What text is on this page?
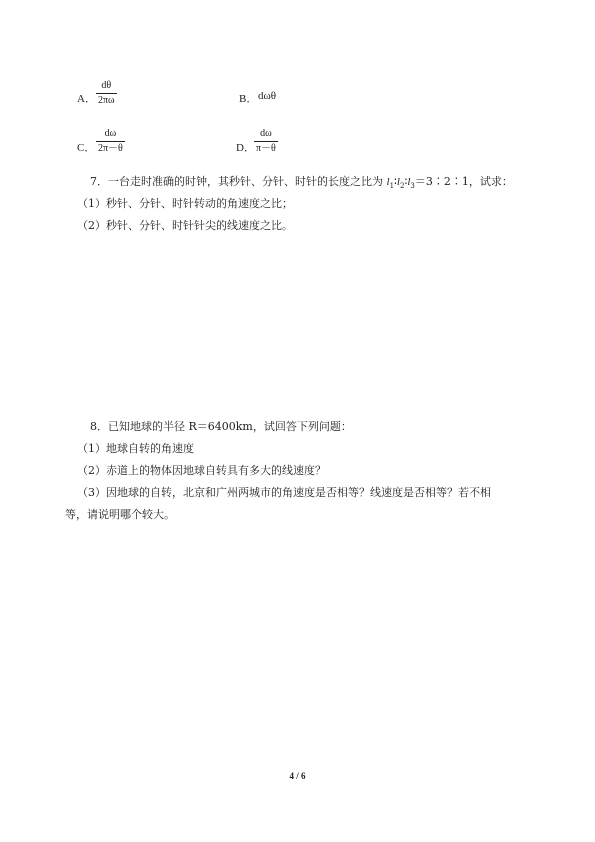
A．
dθ
2πω	B． dωθ
C．
dω
2π－θ	D．
dω
π－θ
7．一台走时准确的时钟，其秒针、分针、时针的长度之比为 $l_1∶l_2∶l_3=3∶2∶1$，试求：
（1）秒针、分针、时针转动的角速度之比；
（2）秒针、分针、时针针尖的线速度之比。
8．已知地球的半径 R＝6400km，试回答下列问题：
（1）地球自转的角速度
（2）赤道上的物体因地球自转具有多大的线速度？
（3）因地球的自转，北京和广州两城市的角速度是否相等？线速度是否相等？若不相
等，请说明哪个较大。
4 / 6
